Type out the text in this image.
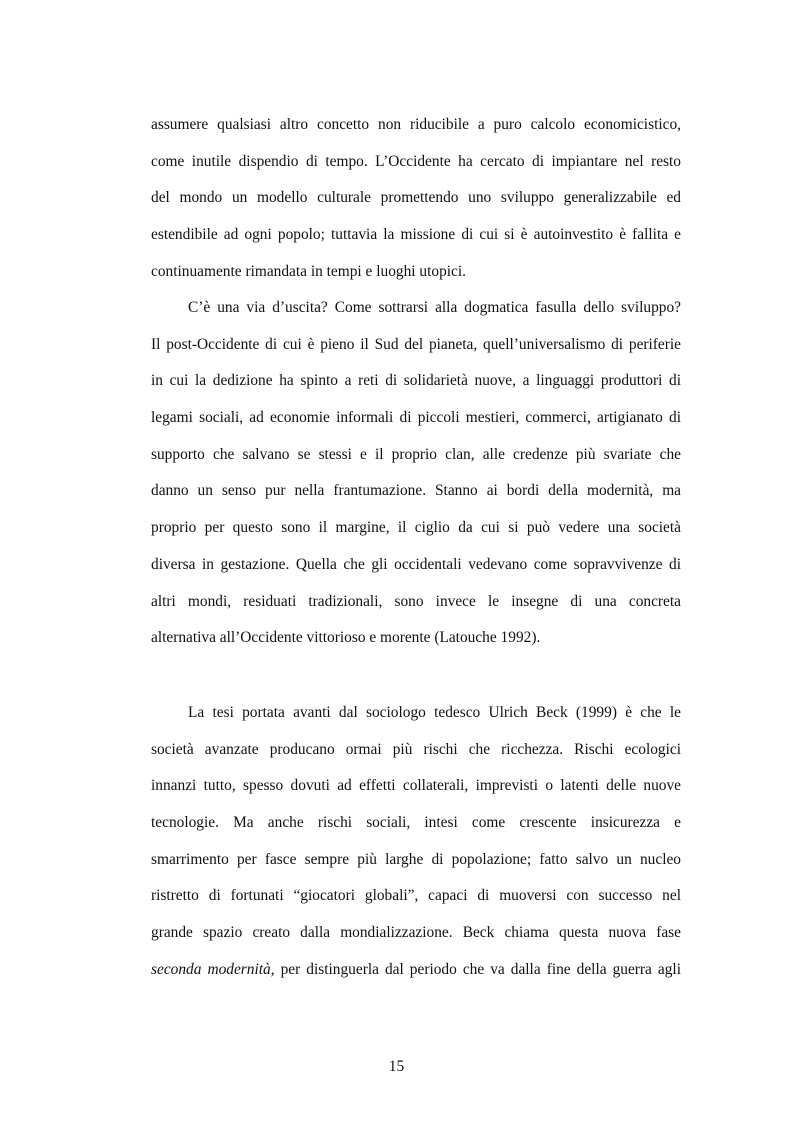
assumere qualsiasi altro concetto non riducibile a puro calcolo economicistico,
come inutile dispendio di tempo. L’Occidente ha cercato di impiantare nel resto
del mondo un modello culturale promettendo uno sviluppo generalizzabile ed
estendibile ad ogni popolo; tuttavia la missione di cui si è autoinvestito è fallita e
continuamente rimandata in tempi e luoghi utopici.
C’è una via d’uscita? Come sottrarsi alla dogmatica fasulla dello sviluppo?
Il post-Occidente di cui è pieno il Sud del pianeta, quell’universalismo di periferie
in cui la dedizione ha spinto a reti di solidarietà nuove, a linguaggi produttori di
legami sociali, ad economie informali di piccoli mestieri, commerci, artigianato di
supporto che salvano se stessi e il proprio clan, alle credenze più svariate che
danno un senso pur nella frantumazione. Stanno ai bordi della modernità, ma
proprio per questo sono il margine, il ciglio da cui si può vedere una società
diversa in gestazione. Quella che gli occidentali vedevano come sopravvivenze di
altri mondi, residuati tradizionali, sono invece le insegne di una concreta
alternativa all’Occidente vittorioso e morente (Latouche 1992).
La tesi portata avanti dal sociologo tedesco Ulrich Beck (1999) è che le
società avanzate producano ormai più rischi che ricchezza. Rischi ecologici
innanzi tutto, spesso dovuti ad effetti collaterali, imprevisti o latenti delle nuove
tecnologie. Ma anche rischi sociali, intesi come crescente insicurezza e
smarrimento per fasce sempre più larghe di popolazione; fatto salvo un nucleo
ristretto di fortunati “giocatori globali”, capaci di muoversi con successo nel
grande spazio creato dalla mondializzazione. Beck chiama questa nuova fase
seconda modernità, per distinguerla dal periodo che va dalla fine della guerra agli
15
